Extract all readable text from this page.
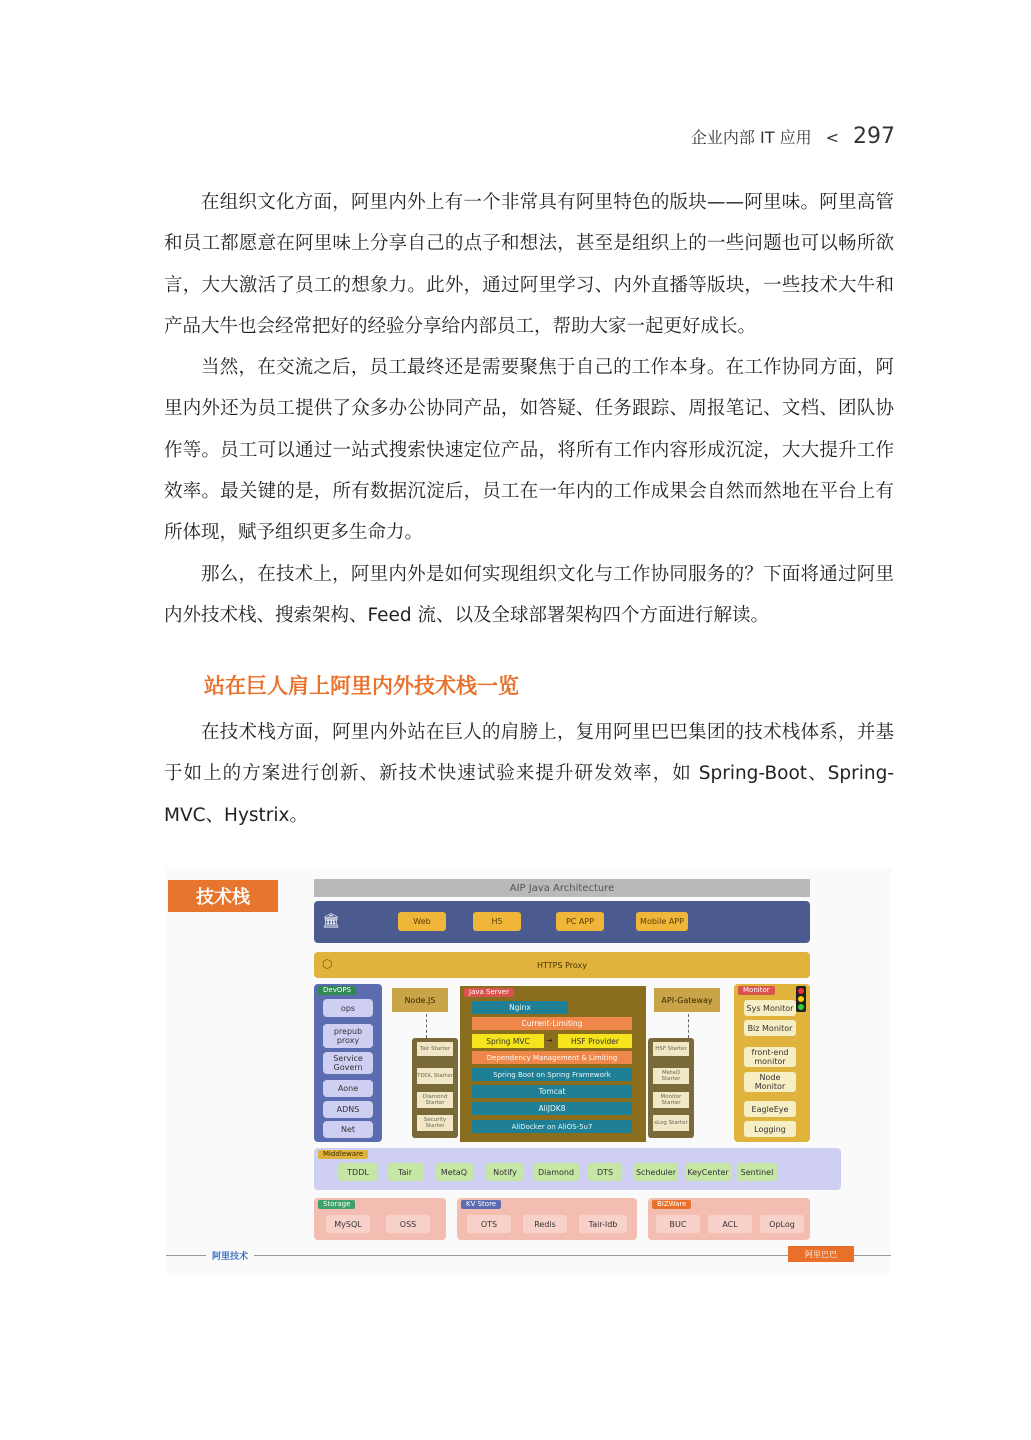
企业内部 IT 应用 < 297

在组织文化方面，阿里内外上有一个非常具有阿里特色的版块——阿里味。阿里高管和员工都愿意在阿里味上分享自己的点子和想法，甚至是组织上的一些问题也可以畅所欲言，大大激活了员工的想象力。此外，通过阿里学习、内外直播等版块，一些技术大牛和产品大牛也会经常把好的经验分享给内部员工，帮助大家一起更好成长。

当然，在交流之后，员工最终还是需要聚焦于自己的工作本身。在工作协同方面，阿里内外还为员工提供了众多办公协同产品，如答疑、任务跟踪、周报笔记、文档、团队协作等。员工可以通过一站式搜索快速定位产品，将所有工作内容形成沉淀，大大提升工作效率。最关键的是，所有数据沉淀后，员工在一年内的工作成果会自然而然地在平台上有所体现，赋予组织更多生命力。

那么，在技术上，阿里内外是如何实现组织文化与工作协同服务的？下面将通过阿里内外技术栈、搜索架构、Feed 流、以及全球部署架构四个方面进行解读。

站在巨人肩上阿里内外技术栈一览

在技术栈方面，阿里内外站在巨人的肩膀上，复用阿里巴巴集团的技术栈体系，并基于如上的方案进行创新、新技术快速试验来提升研发效率，如 Spring-Boot、Spring-MVC、Hystrix。

技术栈	AIP Java Architecture
🏛	Web	H5	PC APP	Mobile APP
⬡	HTTPS Proxy
DevOPS
ops
prepub proxy
Service Govern
Aone
ADNS
Net
Node.JS	API-Gateway
Tair Starter
TDDL Starter
Diamond Starter
Security Starter
Java Server
Nginx
Current-Limiting
Spring MVC	→	HSF Provider
Dependency Management & Limiting
Spring Boot on Spring Framework
Tomcat
AliJDK8
AliDocker on AliOS-5u7
HSF Starter
MetaQ Starter
Monitor Starter
sLog Starter
Monitor
Sys Monitor
Biz Monitor
front-end monitor
Node Monitor
EagleEye
Logging
Middleware
TDDL	Tair	MetaQ	Notify	Diamond	DTS	Scheduler KeyCenter	Sentinel
Storage
MySQL	OSS
KV Store
OTS	Redis	Tair-ldb
BIZWare
BUC	ACL	OpLog
阿里技术	阿里巴巴
